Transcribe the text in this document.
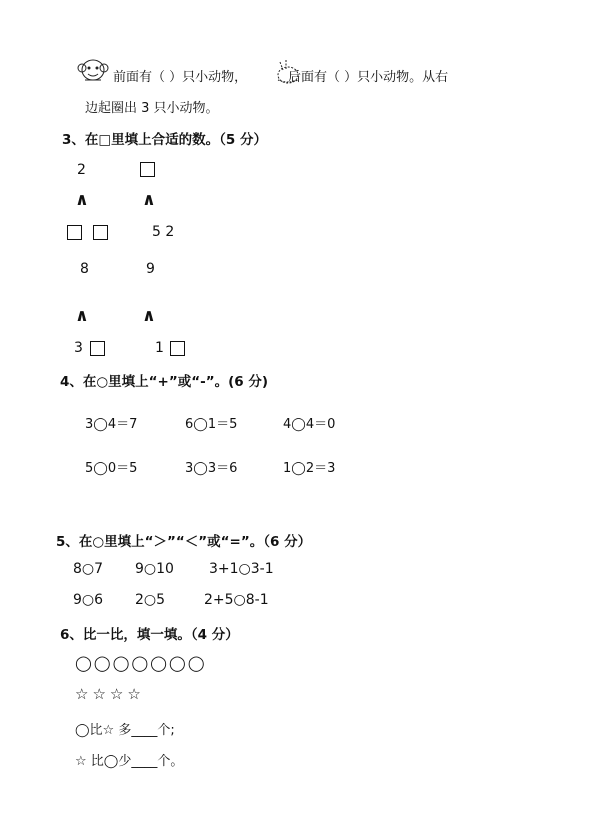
前面有（ ）只小动物，	后面有（ ）只小动物。从右
边起圈出 3 只小动物。
3、在□里填上合适的数。（5 分）
2
∧	∧
5 2
8	9
∧	∧
3	1
4、在○里填上“+”或“-”。(6 分)
3◯4＝7	6◯1＝5	4◯4＝0
5◯0＝5	3◯3＝6	1◯2＝3
5、在○里填上“＞”“＜”或“=”。（6 分）
8○7 9○10	3+1○3-1
9○6 2○5	2+5○8-1
6、比一比，填一填。（4 分）
◯◯◯◯◯◯◯
☆☆☆☆
◯比☆ 多____个;
☆ 比◯少____个。
